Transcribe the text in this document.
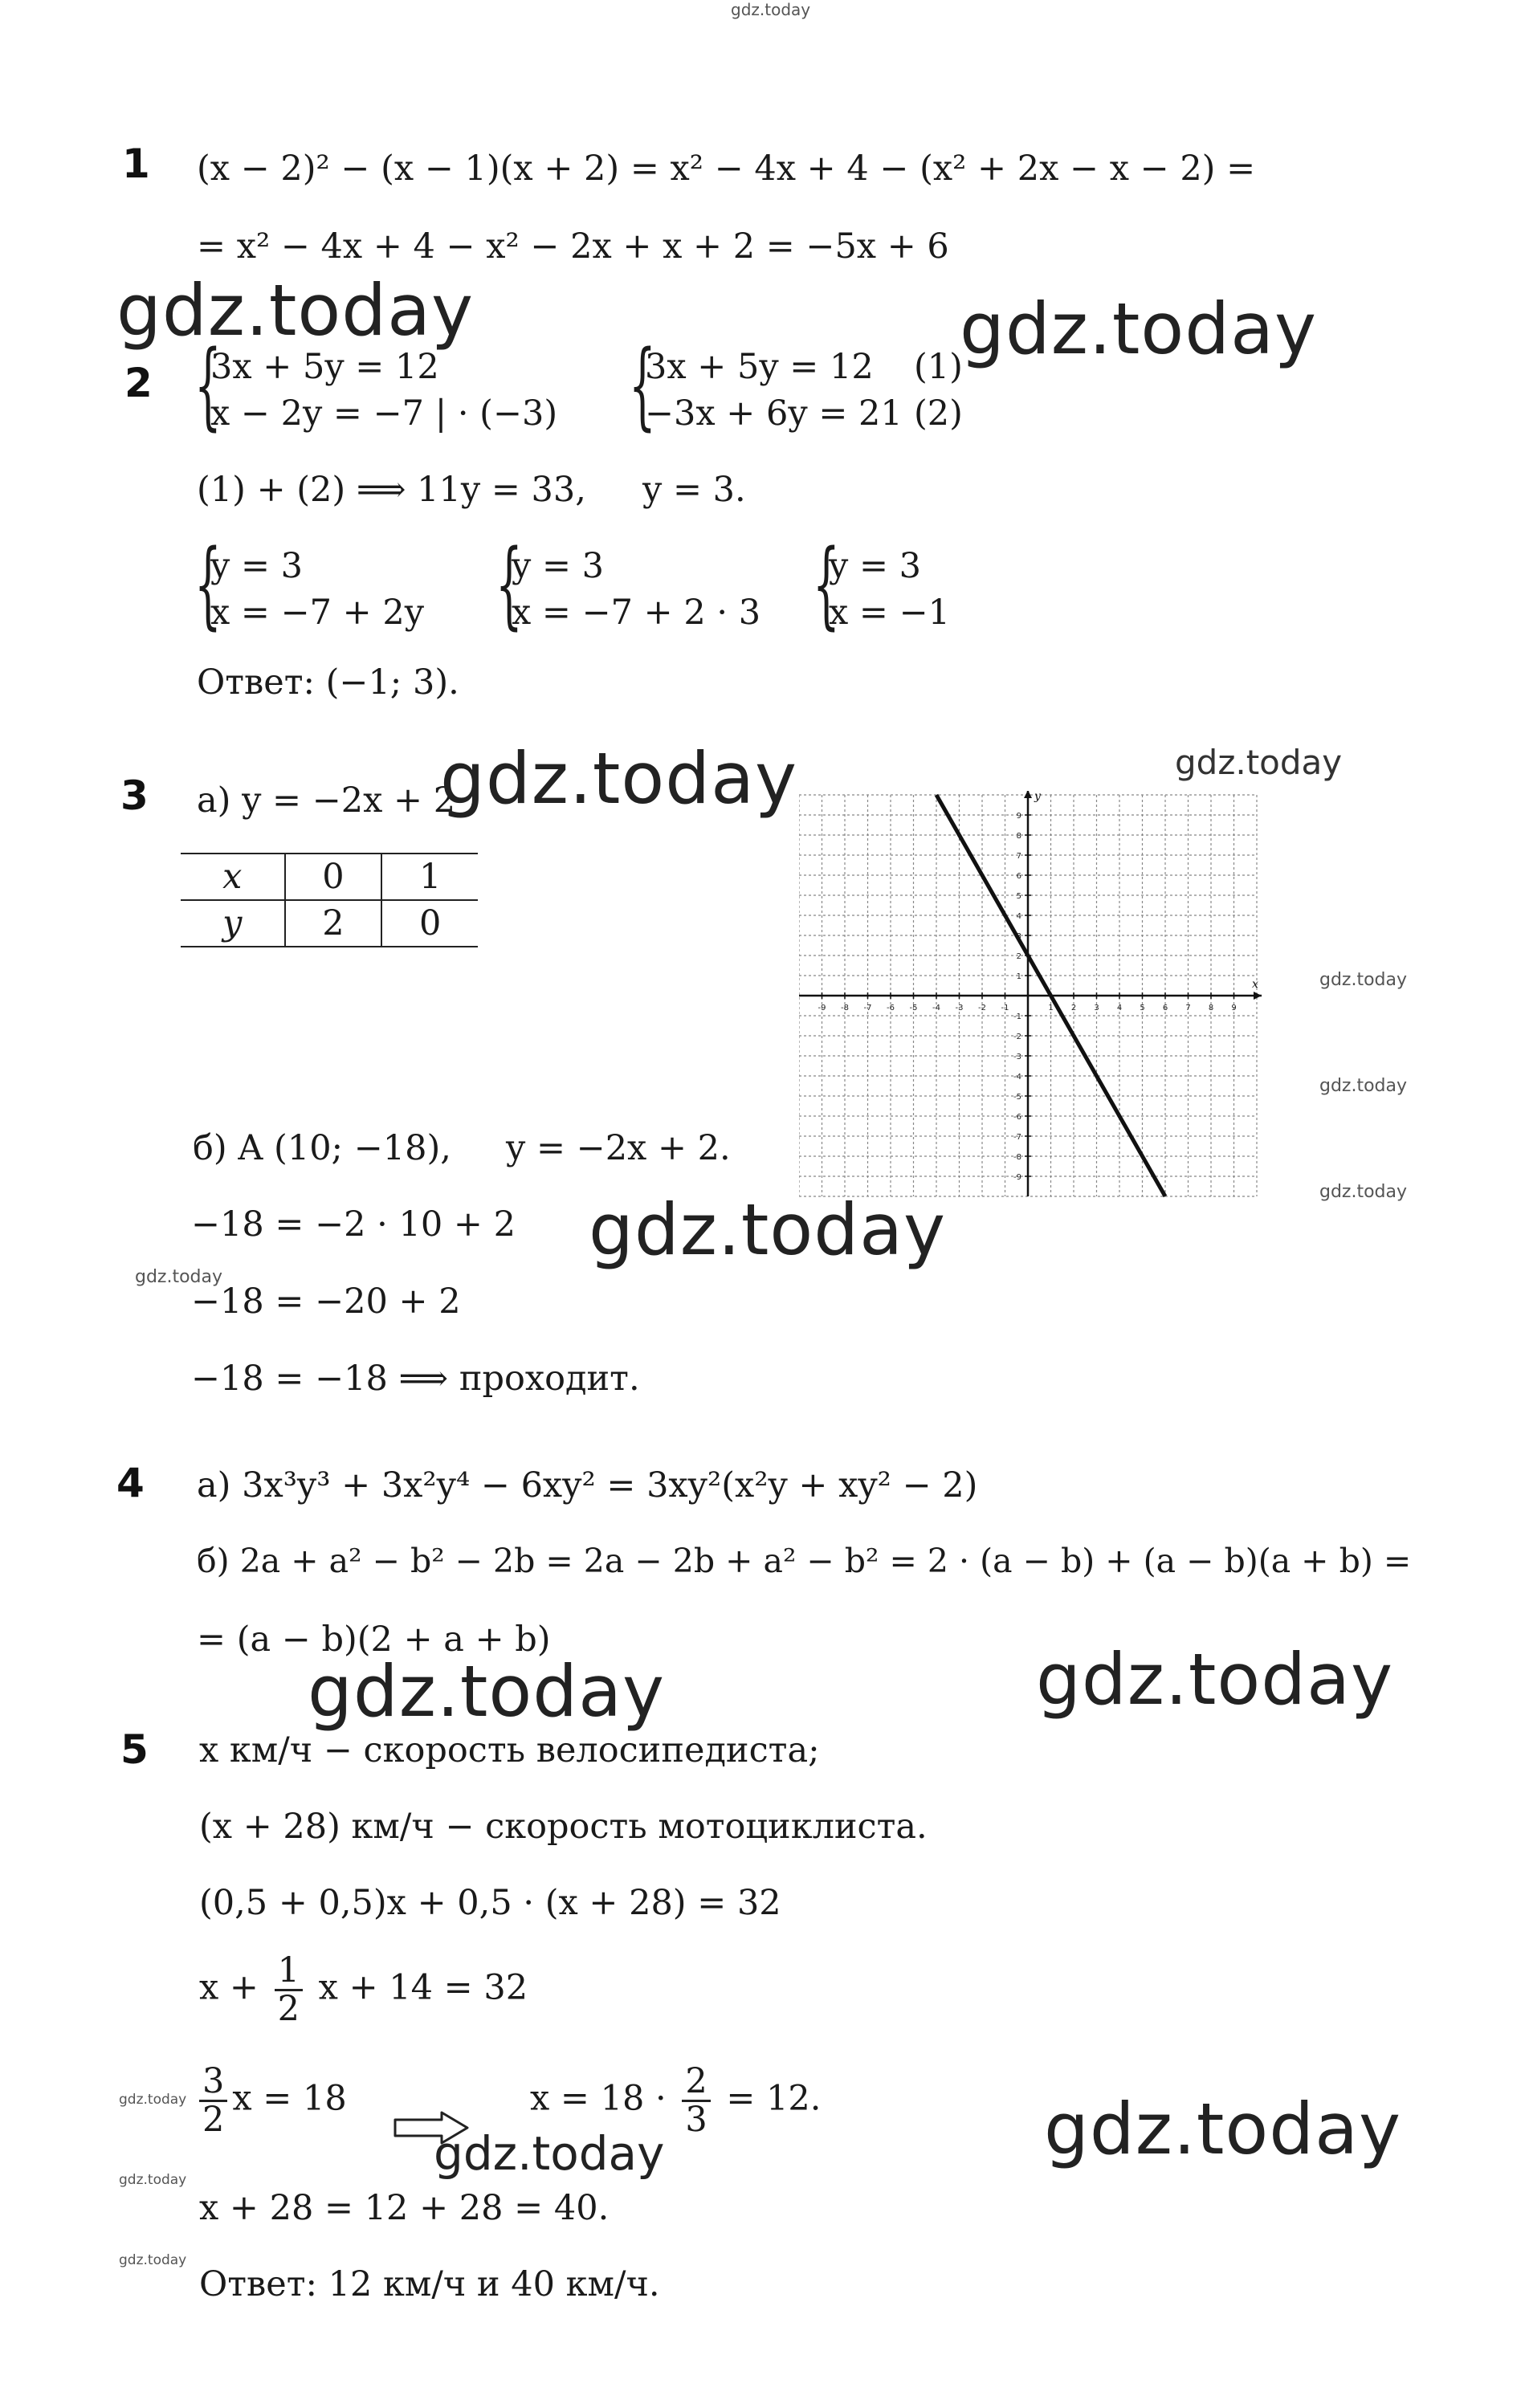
gdz.today
1 (x − 2)² − (x − 1)(x + 2) = x² − 4x + 4 − (x² + 2x − x − 2) =
= x² − 4x + 4 − x² − 2x + x + 2 = −5x + 6
gdz.today	gdz.today
2 {
3x + 5y = 12
x − 2y = −7 | · (−3) {
3x + 5y = 12
−3x + 6y = 21
(1)
(2)
(1) + (2) ⟹ 11y = 33, y = 3.
{
y = 3
x = −7 + 2y {
y = 3
x = −7 + 2 · 3 {
y = 3
x = −1
Ответ: (−1; 3).
3 а) y = −2x + 2
gdz.today	gdz.today
x	0	1
y	2	0
x
y
-9 -8 -7 -6 -5 -4 -3 -2 -1	1 2 3 4 5 6 7 8 9
-9
-8
-7
-6
-5
-4
-3
-2
-1
1
2
3
4
5
6
7
8
9
gdz.today
gdz.today
gdz.today
б) A (10; −18), y = −2x + 2.
−18 = −2 · 10 + 2 gdz.today
gdz.today
−18 = −20 + 2
−18 = −18 ⟹ проходит.
4 а) 3x³y³ + 3x²y⁴ − 6xy² = 3xy²(x²y + xy² − 2)
б) 2a + a² − b² − 2b = 2a − 2b + a² − b² = 2 · (a − b) + (a − b)(a + b) =
= (a − b)(2 + a + b)
gdz.today	gdz.today
5 x км/ч − скорость велосипедиста;
(x + 28) км/ч − скорость мотоциклиста.
(0,5 + 0,5)x + 0,5 · (x + 28) = 32
$x + \frac{1}{2}$ x + 14 = 32
gdz.today $\frac{3}{2}$ x = 18	$x = 18 \cdot \frac{2}{3} = 12$.	gdz.today
gdz.today
gdz.today
x + 28 = 12 + 28 = 40.
gdz.today
Ответ: 12 км/ч и 40 км/ч.
